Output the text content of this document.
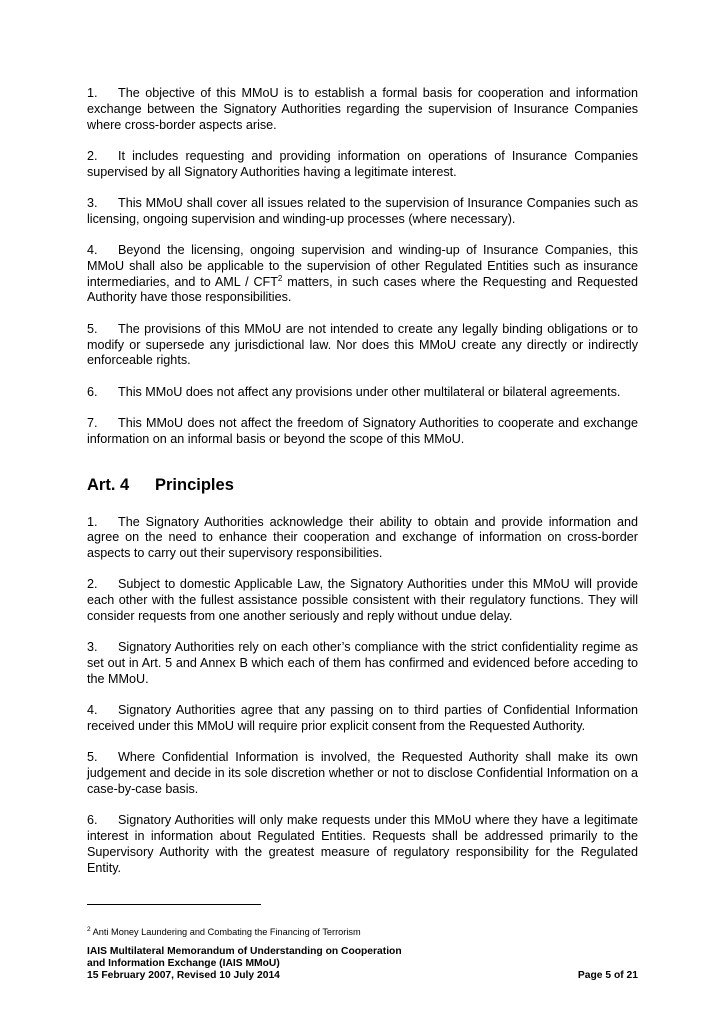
1. The objective of this MMoU is to establish a formal basis for cooperation and information exchange between the Signatory Authorities regarding the supervision of Insurance Companies where cross-border aspects arise.

2. It includes requesting and providing information on operations of Insurance Companies supervised by all Signatory Authorities having a legitimate interest.

3. This MMoU shall cover all issues related to the supervision of Insurance Companies such as licensing, ongoing supervision and winding-up processes (where necessary).

4. Beyond the licensing, ongoing supervision and winding-up of Insurance Companies, this MMoU shall also be applicable to the supervision of other Regulated Entities such as insurance intermediaries, and to AML / CFT$^2$ matters, in such cases where the Requesting and Requested Authority have those responsibilities.

5. The provisions of this MMoU are not intended to create any legally binding obligations or to modify or supersede any jurisdictional law. Nor does this MMoU create any directly or indirectly enforceable rights.

6. This MMoU does not affect any provisions under other multilateral or bilateral agreements.

7. This MMoU does not affect the freedom of Signatory Authorities to cooperate and exchange information on an informal basis or beyond the scope of this MMoU.

Art. 4 Principles

1. The Signatory Authorities acknowledge their ability to obtain and provide information and agree on the need to enhance their cooperation and exchange of information on cross-border aspects to carry out their supervisory responsibilities.

2. Subject to domestic Applicable Law, the Signatory Authorities under this MMoU will provide each other with the fullest assistance possible consistent with their regulatory functions. They will consider requests from one another seriously and reply without undue delay.

3. Signatory Authorities rely on each other’s compliance with the strict confidentiality regime as set out in Art. 5 and Annex B which each of them has confirmed and evidenced before acceding to the MMoU.

4. Signatory Authorities agree that any passing on to third parties of Confidential Information received under this MMoU will require prior explicit consent from the Requested Authority.

5. Where Confidential Information is involved, the Requested Authority shall make its own judgement and decide in its sole discretion whether or not to disclose Confidential Information on a case-by-case basis.

6. Signatory Authorities will only make requests under this MMoU where they have a legitimate interest in information about Regulated Entities. Requests shall be addressed primarily to the Supervisory Authority with the greatest measure of regulatory responsibility for the Regulated Entity.

$^2$ Anti Money Laundering and Combating the Financing of Terrorism
IAIS Multilateral Memorandum of Understanding on Cooperation
and Information Exchange (IAIS MMoU)
15 February 2007, Revised 10 July 2014	Page 5 of 21
